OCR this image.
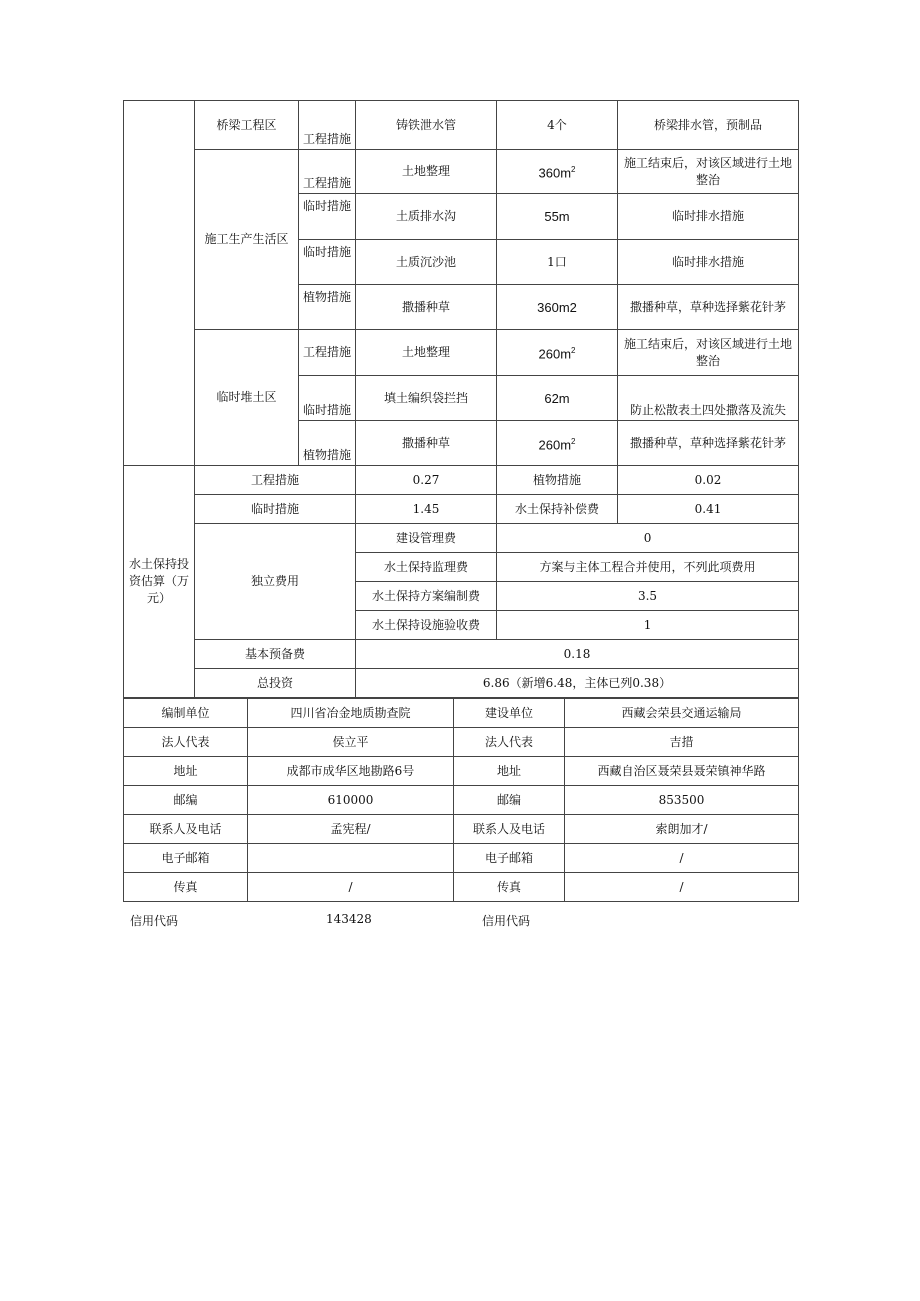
	桥梁工程区	工程措施	铸铁泄水管	4个	桥梁排水管，预制品
	施工生产生活区	工程措施	土地整理	$360m^2$	施工结束后，对该区域进行土地整治
		临时措施	土质排水沟	55m	临时排水措施
		临时措施	土质沉沙池	1口	临时排水措施
		植物措施	撒播种草	360m2	撒播种草，草种选择紫花针茅
	临时堆土区	工程措施	土地整理	$260m^2$	施工结束后，对该区域进行土地整治
		临时措施	填土编织袋拦挡	62m	防止松散表土四处撒落及流失
		植物措施	撒播种草	$260m^2$	撒播种草，草种选择紫花针茅
水土保持投资估算（万元）	工程措施		0.27	植物措施	0.02
	临时措施		1.45	水土保持补偿费	0.41
	独立费用		建设管理费	0	
			水土保持监理费	方案与主体工程合并使用，不列此项费用	
			水土保持方案编制费	3.5	
			水土保持设施验收费	1	
	基本预备费		0.18		
	总投资		6.86（新增6.48，主体已列0.38）		
编制单位	四川省冶金地质勘查院	建设单位	西藏会荣县交通运输局
法人代表	侯立平	法人代表	吉措
地址	成都市成华区地勘路6号	地址	西藏自治区聂荣县聂荣镇神华路
邮编	610000	邮编	853500
联系人及电话	孟宪程/	联系人及电话	索朗加才/
电子邮箱		电子邮箱	/
传真	/	传真	/
信用代码	143428	信用代码
